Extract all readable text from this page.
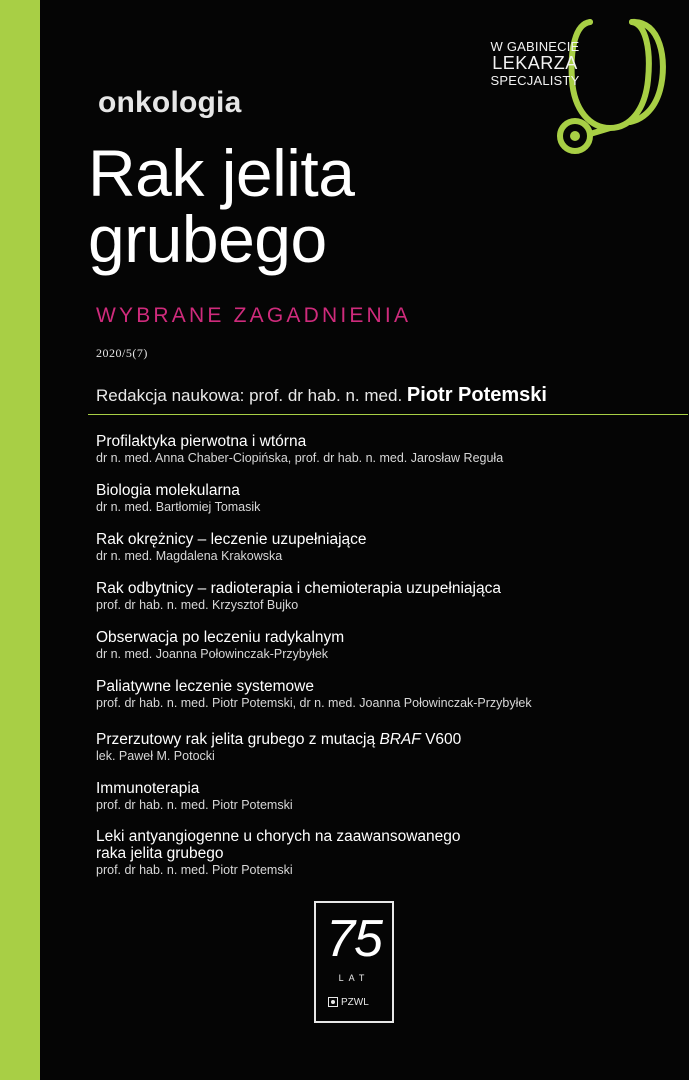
W GABINECIE
LEKARZA
SPECJALISTY
onkologia
Rak jelita
grubego
WYBRANE ZAGADNIENIA
2020/5(7)
Redakcja naukowa: prof. dr hab. n. med. Piotr Potemski
Profilaktyka pierwotna i wtórna
dr n. med. Anna Chaber-Ciopińska, prof. dr hab. n. med. Jarosław Reguła
Biologia molekularna
dr n. med. Bartłomiej Tomasik
Rak okrężnicy – leczenie uzupełniające
dr n. med. Magdalena Krakowska
Rak odbytnicy – radioterapia i chemioterapia uzupełniająca
prof. dr hab. n. med. Krzysztof Bujko
Obserwacja po leczeniu radykalnym
dr n. med. Joanna Połowinczak-Przybyłek
Paliatywne leczenie systemowe
prof. dr hab. n. med. Piotr Potemski, dr n. med. Joanna Połowinczak-Przybyłek
Przerzutowy rak jelita grubego z mutacją BRAF V600
lek. Paweł M. Potocki
Immunoterapia
prof. dr hab. n. med. Piotr Potemski
Leki antyangiogenne u chorych na zaawansowanego
raka jelita grubego
prof. dr hab. n. med. Piotr Potemski
75
LAT
PZWL
